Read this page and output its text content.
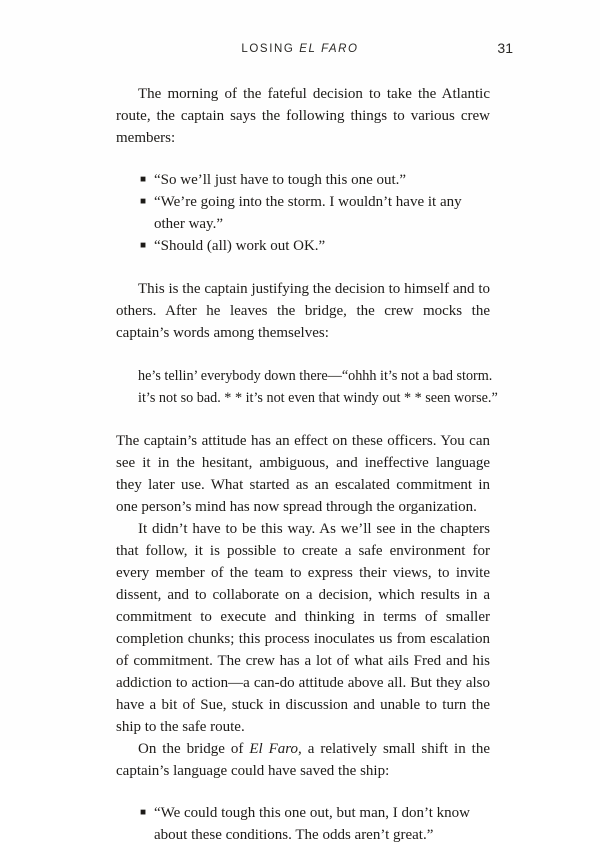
LOSING EL FARO	31

The morning of the fateful decision to take the Atlantic route, the captain says the following things to various crew members:

■ “So we’ll just have to tough this one out.”
■ “We’re going into the storm. I wouldn’t have it any other way.”
■ “Should (all) work out OK.”

This is the captain justifying the decision to himself and to others. After he leaves the bridge, the crew mocks the captain’s words among themselves:

he’s tellin’ everybody down there—“ohhh it’s not a bad storm.
it’s not so bad. * * it’s not even that windy out * * seen worse.”

The captain’s attitude has an effect on these officers. You can see it in the hesitant, ambiguous, and ineffective language they later use. What started as an escalated commitment in one person’s mind has now spread through the organization.

It didn’t have to be this way. As we’ll see in the chapters that follow, it is possible to create a safe environment for every member of the team to express their views, to invite dissent, and to collaborate on a decision, which results in a commitment to execute and thinking in terms of smaller completion chunks; this process inoculates us from escalation of commitment. The crew has a lot of what ails Fred and his addiction to action—a can-do attitude above all. But they also have a bit of Sue, stuck in discussion and unable to turn the ship to the safe route.

On the bridge of El Faro, a relatively small shift in the captain’s language could have saved the ship:

■ “We could tough this one out, but man, I don’t know about these conditions. The odds aren’t great.”
